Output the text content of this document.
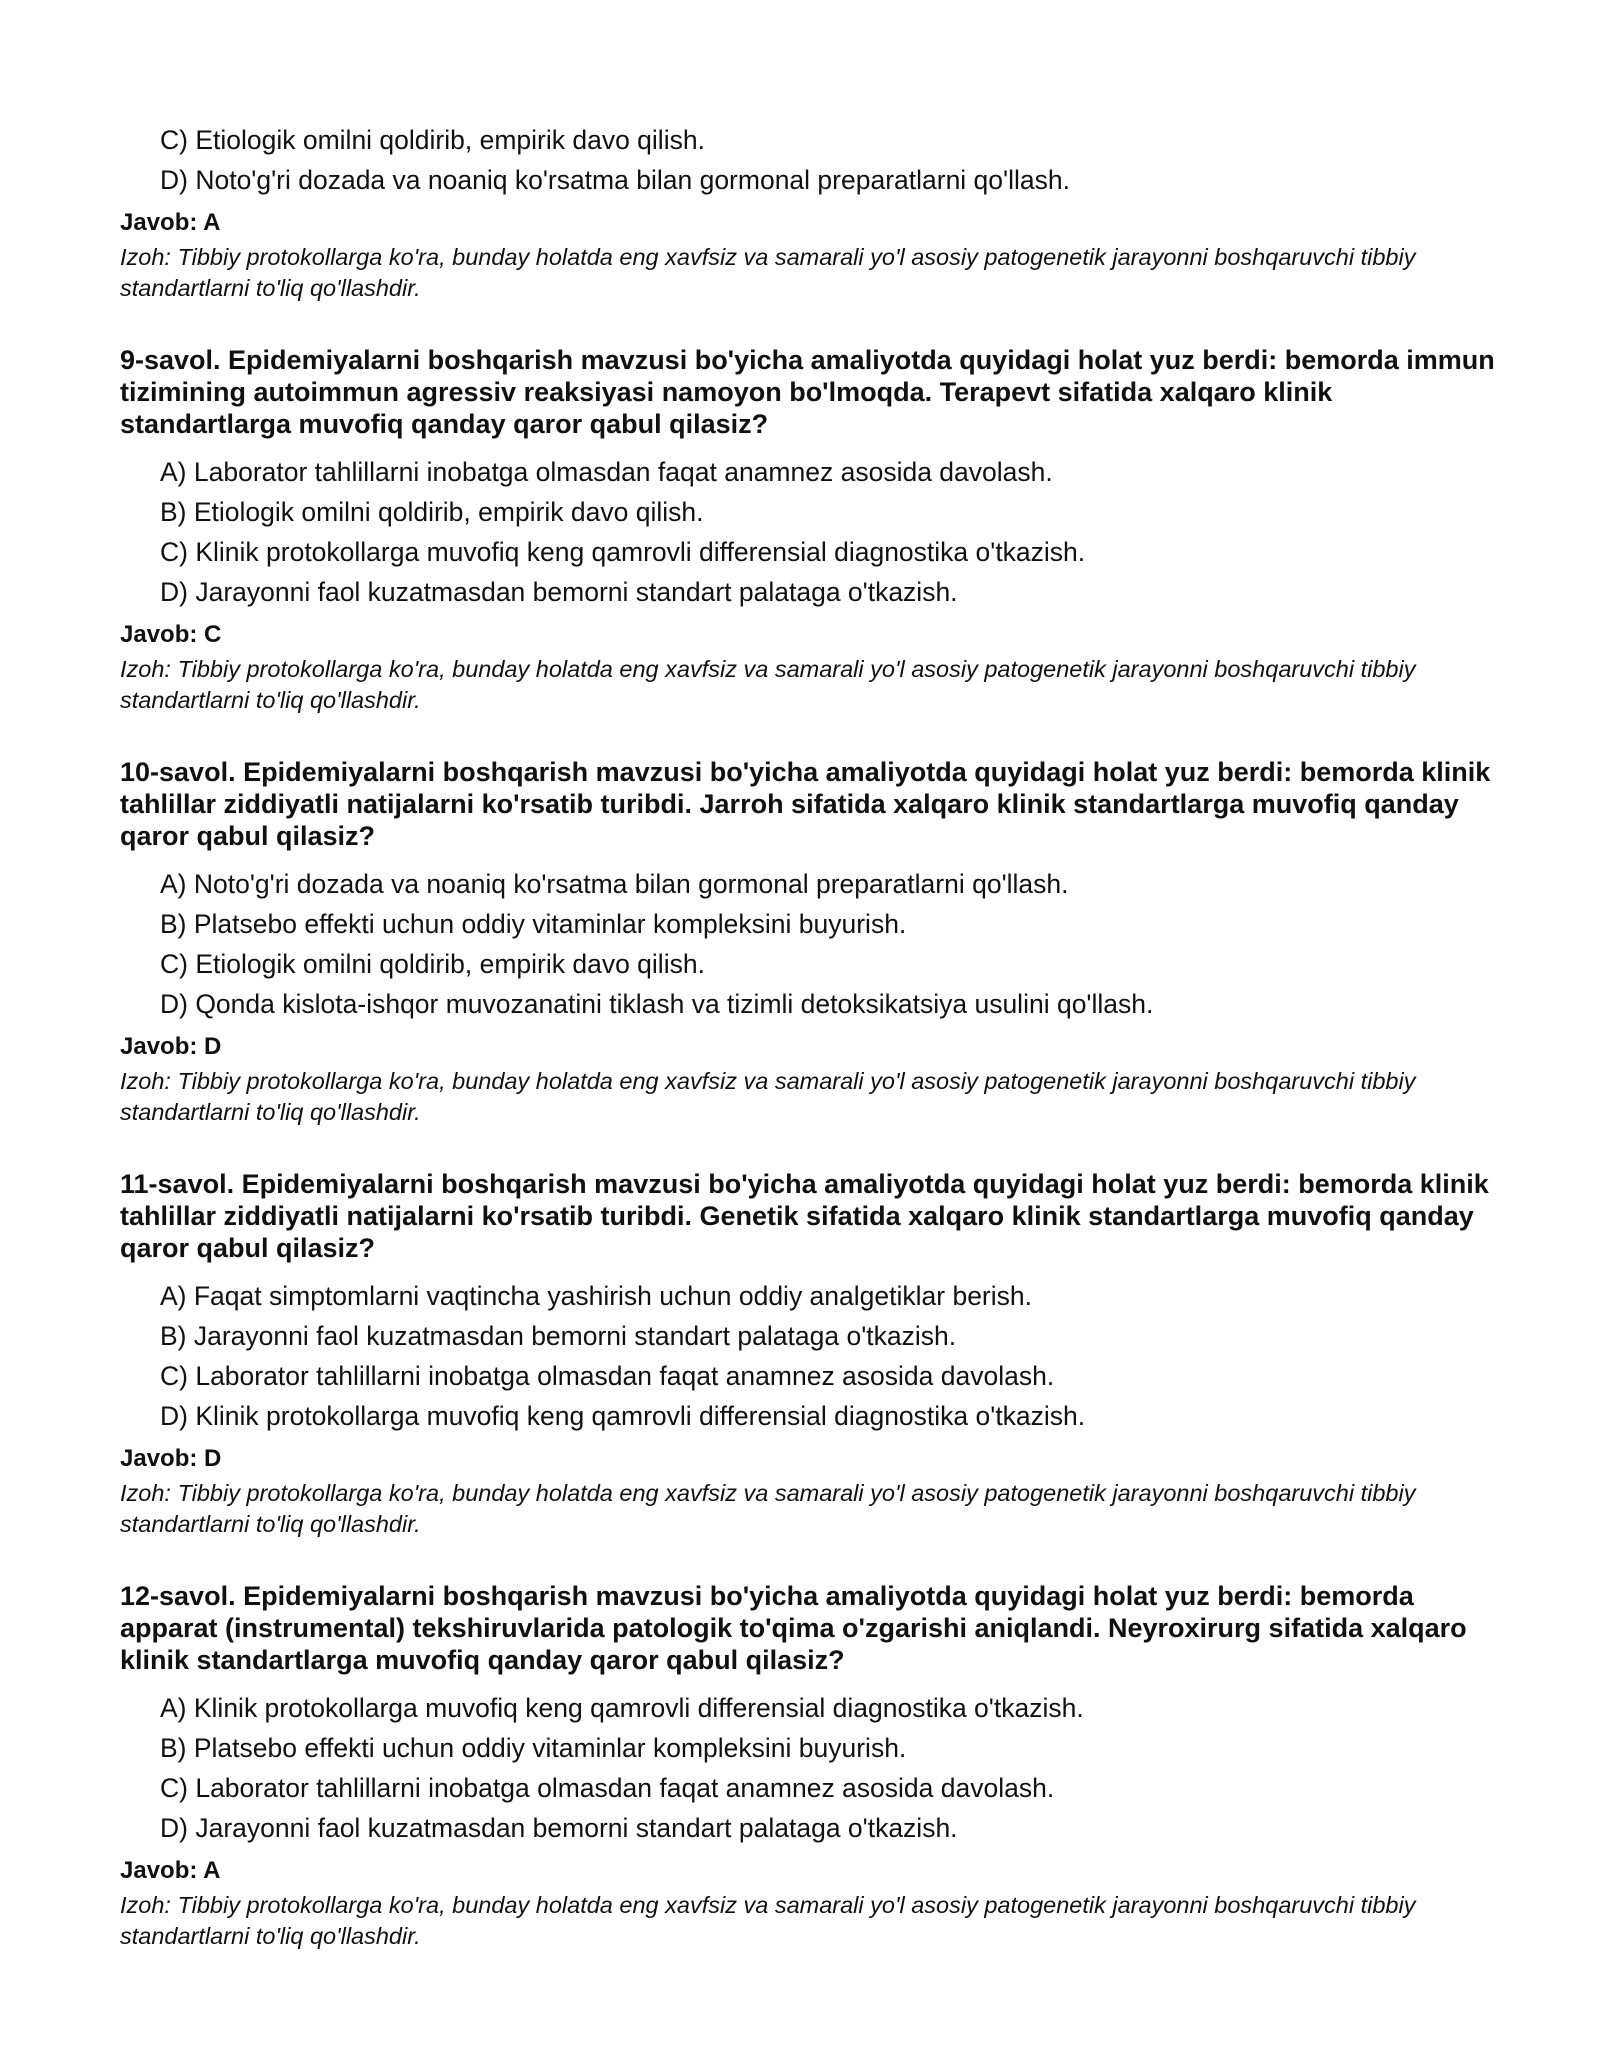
C) Etiologik omilni qoldirib, empirik davo qilish.
D) Noto'g'ri dozada va noaniq ko'rsatma bilan gormonal preparatlarni qo'llash.
Javob: A
Izoh: Tibbiy protokollarga ko'ra, bunday holatda eng xavfsiz va samarali yo'l asosiy patogenetik jarayonni boshqaruvchi tibbiy standartlarni to'liq qo'llashdir.
9-savol. Epidemiyalarni boshqarish mavzusi bo'yicha amaliyotda quyidagi holat yuz berdi: bemorda immun tizimining autoimmun agressiv reaksiyasi namoyon bo'lmoqda. Terapevt sifatida xalqaro klinik standartlarga muvofiq qanday qaror qabul qilasiz?
A) Laborator tahlillarni inobatga olmasdan faqat anamnez asosida davolash.
B) Etiologik omilni qoldirib, empirik davo qilish.
C) Klinik protokollarga muvofiq keng qamrovli differensial diagnostika o'tkazish.
D) Jarayonni faol kuzatmasdan bemorni standart palataga o'tkazish.
Javob: C
Izoh: Tibbiy protokollarga ko'ra, bunday holatda eng xavfsiz va samarali yo'l asosiy patogenetik jarayonni boshqaruvchi tibbiy standartlarni to'liq qo'llashdir.
10-savol. Epidemiyalarni boshqarish mavzusi bo'yicha amaliyotda quyidagi holat yuz berdi: bemorda klinik tahlillar ziddiyatli natijalarni ko'rsatib turibdi. Jarroh sifatida xalqaro klinik standartlarga muvofiq qanday qaror qabul qilasiz?
A) Noto'g'ri dozada va noaniq ko'rsatma bilan gormonal preparatlarni qo'llash.
B) Platsebo effekti uchun oddiy vitaminlar kompleksini buyurish.
C) Etiologik omilni qoldirib, empirik davo qilish.
D) Qonda kislota-ishqor muvozanatini tiklash va tizimli detoksikatsiya usulini qo'llash.
Javob: D
Izoh: Tibbiy protokollarga ko'ra, bunday holatda eng xavfsiz va samarali yo'l asosiy patogenetik jarayonni boshqaruvchi tibbiy standartlarni to'liq qo'llashdir.
11-savol. Epidemiyalarni boshqarish mavzusi bo'yicha amaliyotda quyidagi holat yuz berdi: bemorda klinik tahlillar ziddiyatli natijalarni ko'rsatib turibdi. Genetik sifatida xalqaro klinik standartlarga muvofiq qanday qaror qabul qilasiz?
A) Faqat simptomlarni vaqtincha yashirish uchun oddiy analgetiklar berish.
B) Jarayonni faol kuzatmasdan bemorni standart palataga o'tkazish.
C) Laborator tahlillarni inobatga olmasdan faqat anamnez asosida davolash.
D) Klinik protokollarga muvofiq keng qamrovli differensial diagnostika o'tkazish.
Javob: D
Izoh: Tibbiy protokollarga ko'ra, bunday holatda eng xavfsiz va samarali yo'l asosiy patogenetik jarayonni boshqaruvchi tibbiy standartlarni to'liq qo'llashdir.
12-savol. Epidemiyalarni boshqarish mavzusi bo'yicha amaliyotda quyidagi holat yuz berdi: bemorda apparat (instrumental) tekshiruvlarida patologik to'qima o'zgarishi aniqlandi. Neyroxirurg sifatida xalqaro klinik standartlarga muvofiq qanday qaror qabul qilasiz?
A) Klinik protokollarga muvofiq keng qamrovli differensial diagnostika o'tkazish.
B) Platsebo effekti uchun oddiy vitaminlar kompleksini buyurish.
C) Laborator tahlillarni inobatga olmasdan faqat anamnez asosida davolash.
D) Jarayonni faol kuzatmasdan bemorni standart palataga o'tkazish.
Javob: A
Izoh: Tibbiy protokollarga ko'ra, bunday holatda eng xavfsiz va samarali yo'l asosiy patogenetik jarayonni boshqaruvchi tibbiy standartlarni to'liq qo'llashdir.
